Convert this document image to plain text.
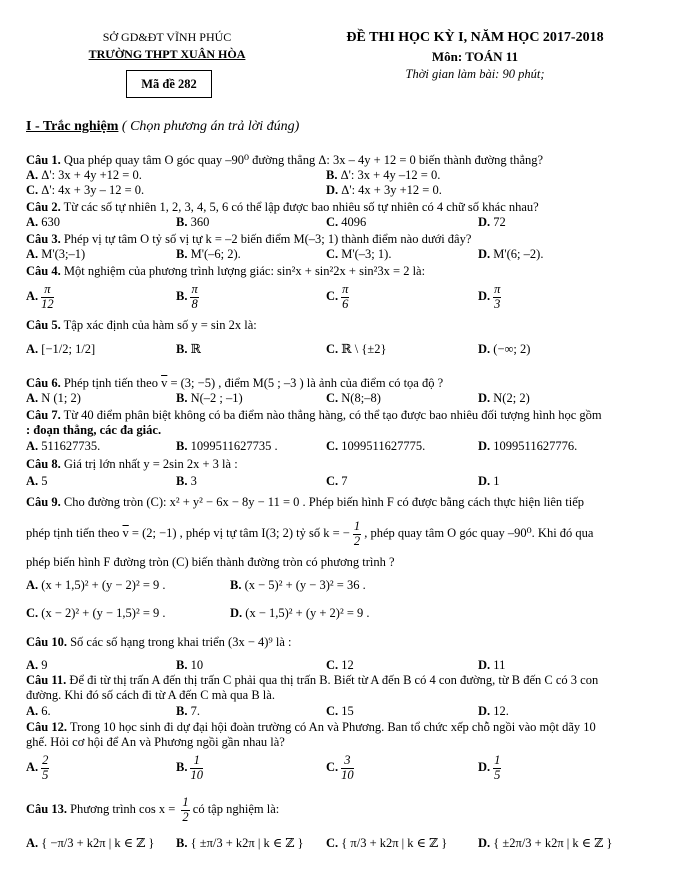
SỞ GD&ĐT VĨNH PHÚC
TRƯỜNG THPT XUÂN HÒA
Mã đề 282
ĐỀ THI HỌC KỲ I, NĂM HỌC 2017-2018
Môn: TOÁN 11
Thời gian làm bài: 90 phút;
I - Trắc nghiệm ( Chọn phương án trả lời đúng)
Câu 1. Qua phép quay tâm O góc quay –90⁰ đường thẳng Δ: 3x – 4y + 12 = 0 biến thành đường thẳng?
A. Δ': 3x + 4y +12 = 0.	B. Δ': 3x + 4y –12 = 0.
C. Δ': 4x + 3y – 12 = 0.	D. Δ': 4x + 3y +12 = 0.
Câu 2. Từ các số tự nhiên 1, 2, 3, 4, 5, 6 có thể lập được bao nhiêu số tự nhiên có 4 chữ số khác nhau?
A. 630	B. 360	C. 4096	D. 72
Câu 3. Phép vị tự tâm O tỷ số vị tự k = –2 biến điểm M(–3; 1) thành điểm nào dưới đây?
A. M'(3;–1)	B. M'(–6; 2).	C. M'(–3; 1).	D. M'(6; –2).
Câu 4. Một nghiệm của phương trình lượng giác: sin²x + sin²2x + sin²3x = 2 là:
A. $\frac{\pi}{12}$	B. $\frac{\pi}{8}$	C. $\frac{\pi}{6}$	D. $\frac{\pi}{3}$
Câu 5. Tập xác định của hàm số y = sin 2x là:
A. [−1/2; 1/2]	B. ℝ	C. ℝ \ {±2}	D. (−∞; 2)
Câu 6. Phép tịnh tiến theo $\overline{v} = (3$; −5) , điểm M(5 ; –3 ) là ảnh của điểm có tọa độ ?
A. N (1; 2)	B. N(–2 ; –1)	C. N(8;–8)	D. N(2; 2)
Câu 7. Từ 40 điểm phân biệt không có ba điểm nào thẳng hàng, có thể tạo được bao nhiêu đối tượng hình học gồm
: đoạn thẳng, các đa giác.
A. 511627735.	B. 1099511627735 .	C. 1099511627775.	D. 1099511627776.
Câu 8. Giá trị lớn nhất y = 2sin 2x + 3 là :
A. 5	B. 3	C. 7	D. 1
Câu 9. Cho đường tròn (C): x² + y² − 6x − 8y − 11 = 0 . Phép biến hình F có được bằng cách thực hiện liên tiếp
phép tịnh tiến theo $\overline{v} = (2$; −1) , phép vị tự tâm I(3; 2) tỷ số k = − $\frac{1}{2}$ , phép quay tâm O góc quay –90⁰. Khi đó qua
phép biến hình F đường tròn (C) biến thành đường tròn có phương trình ?
A. (x + 1,5)² + (y − 2)² = 9 .	B. (x − 5)² + (y − 3)² = 36 .
C. (x − 2)² + (y − 1,5)² = 9 .	D. (x − 1,5)² + (y + 2)² = 9 .
Câu 10. Số các số hạng trong khai triển (3x − 4)⁹ là :
A. 9	B. 10	C. 12	D. 11
Câu 11. Để đi từ thị trấn A đến thị trấn C phải qua thị trấn B. Biết từ A đến B có 4 con đường, từ B đến C có 3 con
đường. Khi đó số cách đi từ A đến C mà qua B là.
A. 6.	B. 7.	C. 15	D. 12.
Câu 12. Trong 10 học sinh đi dự đại hội đoàn trường có An và Phương. Ban tổ chức xếp chỗ ngồi vào một dãy 10
ghế. Hỏi cơ hội để An và Phương ngồi gần nhau là?
A. $\frac{2}{5}$	B. $\frac{1}{10}$	C. $\frac{3}{10}$	D. $\frac{1}{5}$
Câu 13. Phương trình $\cos x = \frac{1}{2}$ có tập nghiệm là:
A. { −π/3 + k2π | k ∈ ℤ } B. { ±π/3 + k2π | k ∈ ℤ } C. { π/3 + k2π | k ∈ ℤ } D. { ±2π/3 + k2π | k ∈ ℤ }
